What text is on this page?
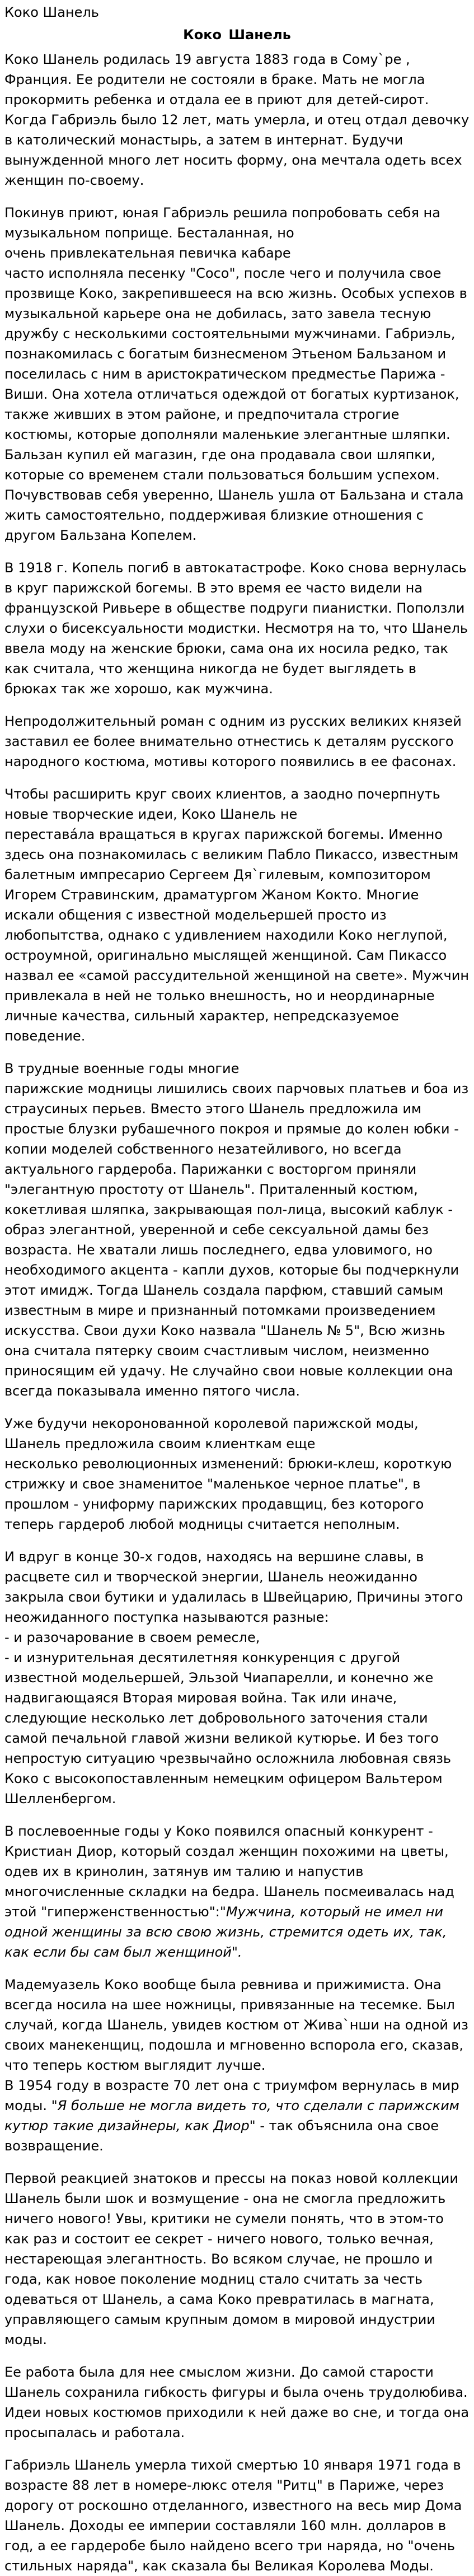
Коко Шанель
Коко Шанель
Коко Шанель родилась 19 августа 1883 года в Сому`ре , Франция. Ее родители не состояли в браке. Мать не могла прокормить ребенка и отдала ее в приют для детей-сирот. Когда Габриэль было 12 лет, мать умерла, и отец отдал девочку в католический монастырь, а затем в интернат. Будучи вынужденной много лет носить форму, она мечтала одеть всех женщин по-своему.
Покинув приют, юная Габриэль решила попробовать себя на музыкальном поприще. Бесталанная, но
очень привлекательная певичка кабаре
часто исполняла песенку "Coco", после чего и получила свое прозвище Коко, закрепившееся на всю жизнь. Особых успехов в музыкальной карьере она не добилась, зато завела тесную дружбу с несколькими состоятельными мужчинами. Габриэль, познакомилась с богатым бизнесменом Этьеном Бальзаном и поселилась с ним в аристократическом предместье Парижа - Виши. Она хотела отличаться одеждой от богатых куртизанок, также живших в этом районе, и предпочитала строгие костюмы, которые дополняли маленькие элегантные шляпки. Бальзан купил ей магазин, где она продавала свои шляпки, которые со временем стали пользоваться большим успехом. Почувствовав себя уверенно, Шанель ушла от Бальзана и стала жить самостоятельно, поддерживая близкие отношения с другом Бальзана Копелем.
В 1918 г. Копель погиб в автокатастрофе. Коко снова вернулась в круг парижской богемы. В это время ее часто видели на французской Ривьере в обществе подруги пианистки. Поползли слухи о бисексуальности модистки. Несмотря на то, что Шанель ввела моду на женские брюки, сама она их носила редко, так как считала, что женщина никогда не будет выглядеть в брюках так же хорошо, как мужчина.
Непродолжительный роман с одним из русских великих князей заставил ее более внимательно отнестись к деталям русского народного костюма, мотивы которого появились в ее фасонах.
Чтобы расширить круг своих клиентов, а заодно почерпнуть новые творческие идеи, Коко Шанель не
перестава́ла вращаться в кругах парижской богемы. Именно здесь она познакомилась с великим Пабло Пикассо, известным балетным импресарио Сергеем Дя`гилевым, композитором Игорем Стравинским, драматургом Жаном Кокто. Многие искали общения с известной модельершей просто из любопытства, однако с удивлением находили Коко неглупой, остроумной, оригинально мыслящей женщиной. Сам Пикассо назвал ее «самой рассудительной женщиной на свете». Мужчин привлекала в ней не только внешность, но и неординарные личные качества, сильный характер, непредсказуемое поведение.
В трудные военные годы многие
парижские модницы лишились своих парчовых платьев и боа из страусиных перьев. Вместо этого Шанель предложила им простые блузки рубашечного покроя и прямые до колен юбки - копии моделей собственного незатейливого, но всегда актуального гардероба. Парижанки с восторгом приняли "элегантную простоту от Шанель". Приталенный костюм, кокетливая шляпка, закрывающая пол-лица, высокий каблук - образ элегантной, уверенной и себе сексуальной дамы без возраста. Не хватали лишь последнего, едва уловимого, но необходимого акцента - капли духов, которые бы подчеркнули этот имидж. Тогда Шанель создала парфюм, ставший самым известным в мире и признанный потомками произведением искусства. Свои духи Коко назвала "Шанель № 5", Всю жизнь она считала пятерку своим счастливым числом, неизменно приносящим ей удачу. Не случайно свои новые коллекции она всегда показывала именно пятого числа.
Уже будучи некоронованной королевой парижской моды, Шанель предложила своим клиенткам еще
несколько революционных изменений: брюки-клеш, короткую стрижку и свое знаменитое "маленькое черное платье", в прошлом - униформу парижских продавщиц, без которого теперь гардероб любой модницы считается неполным.
И вдруг в конце 30-х годов, находясь на вершине славы, в расцвете сил и творческой энергии, Шанель неожиданно закрыла свои бутики и удалилась в Швейцарию, Причины этого неожиданного поступка называются разные:
- и разочарование в своем ремесле,
- и изнурительная десятилетняя конкуренция с другой
известной модельершей, Эльзой Чиапарелли, и конечно же надвигающаяся Вторая мировая война. Так или иначе, следующие несколько лет добровольного заточения стали самой печальной главой жизни великой кутюрье. И без того непростую ситуацию чрезвычайно осложнила любовная связь Коко с высокопоставленным немецким офицером Вальтером Шелленбергом.
В послевоенные годы у Коко появился опасный конкурент - Кристиан Диор, который создал женщин похожими на цветы, одев их в кринолин, затянув им талию и напустив многочисленные складки на бедра. Шанель посмеивалась над этой "гиперженственностью":"Мужчина, который не имел ни одной женщины за всю свою жизнь, стремится одеть их, так, как если бы сам был женщиной".
Мадемуазель Коко вообще была ревнива и прижимиста. Она всегда носила на шее ножницы, привязанные на тесемке. Был случай, когда Шанель, увидев костюм от Жива`нши на одной из своих манекенщиц, подошла и мгновенно вспорола его, сказав, что теперь костюм выглядит лучше.
В 1954 году в возрасте 70 лет она с триумфом вернулась в мир моды. "Я больше не могла видеть то, что сделали с парижским кутюр такие дизайнеры, как Диор" - так объяснила она свое возвращение.
Первой реакцией знатоков и прессы на показ новой коллекции Шанель были шок и возмущение - она не смогла предложить ничего нового! Увы, критики не сумели понять, что в этом-то как раз и состоит ее секрет - ничего нового, только вечная, нестареющая элегантность. Во всяком случае, не прошло и года, как новое поколение модниц стало считать за честь одеваться от Шанель, а сама Коко превратилась в магната, управляющего самым крупным домом в мировой индустрии моды.
Ее работа была для нее смыслом жизни. До самой старости Шанель сохранила гибкость фигуры и была очень трудолюбива. Идеи новых костюмов приходили к ней даже во сне, и тогда она просыпалась и работала.
Габриэль Шанель умерла тихой смертью 10 января 1971 года в возрасте 88 лет в номере-люкс отеля "Ритц" в Париже, через дорогу от роскошно отделанного, известного на весь мир Дома Шанель. Доходы ее империи составляли 160 млн. долларов в год, а ее гардеробе было найдено всего три наряда, но "очень стильных наряда", как сказала бы Великая Королева Моды.
